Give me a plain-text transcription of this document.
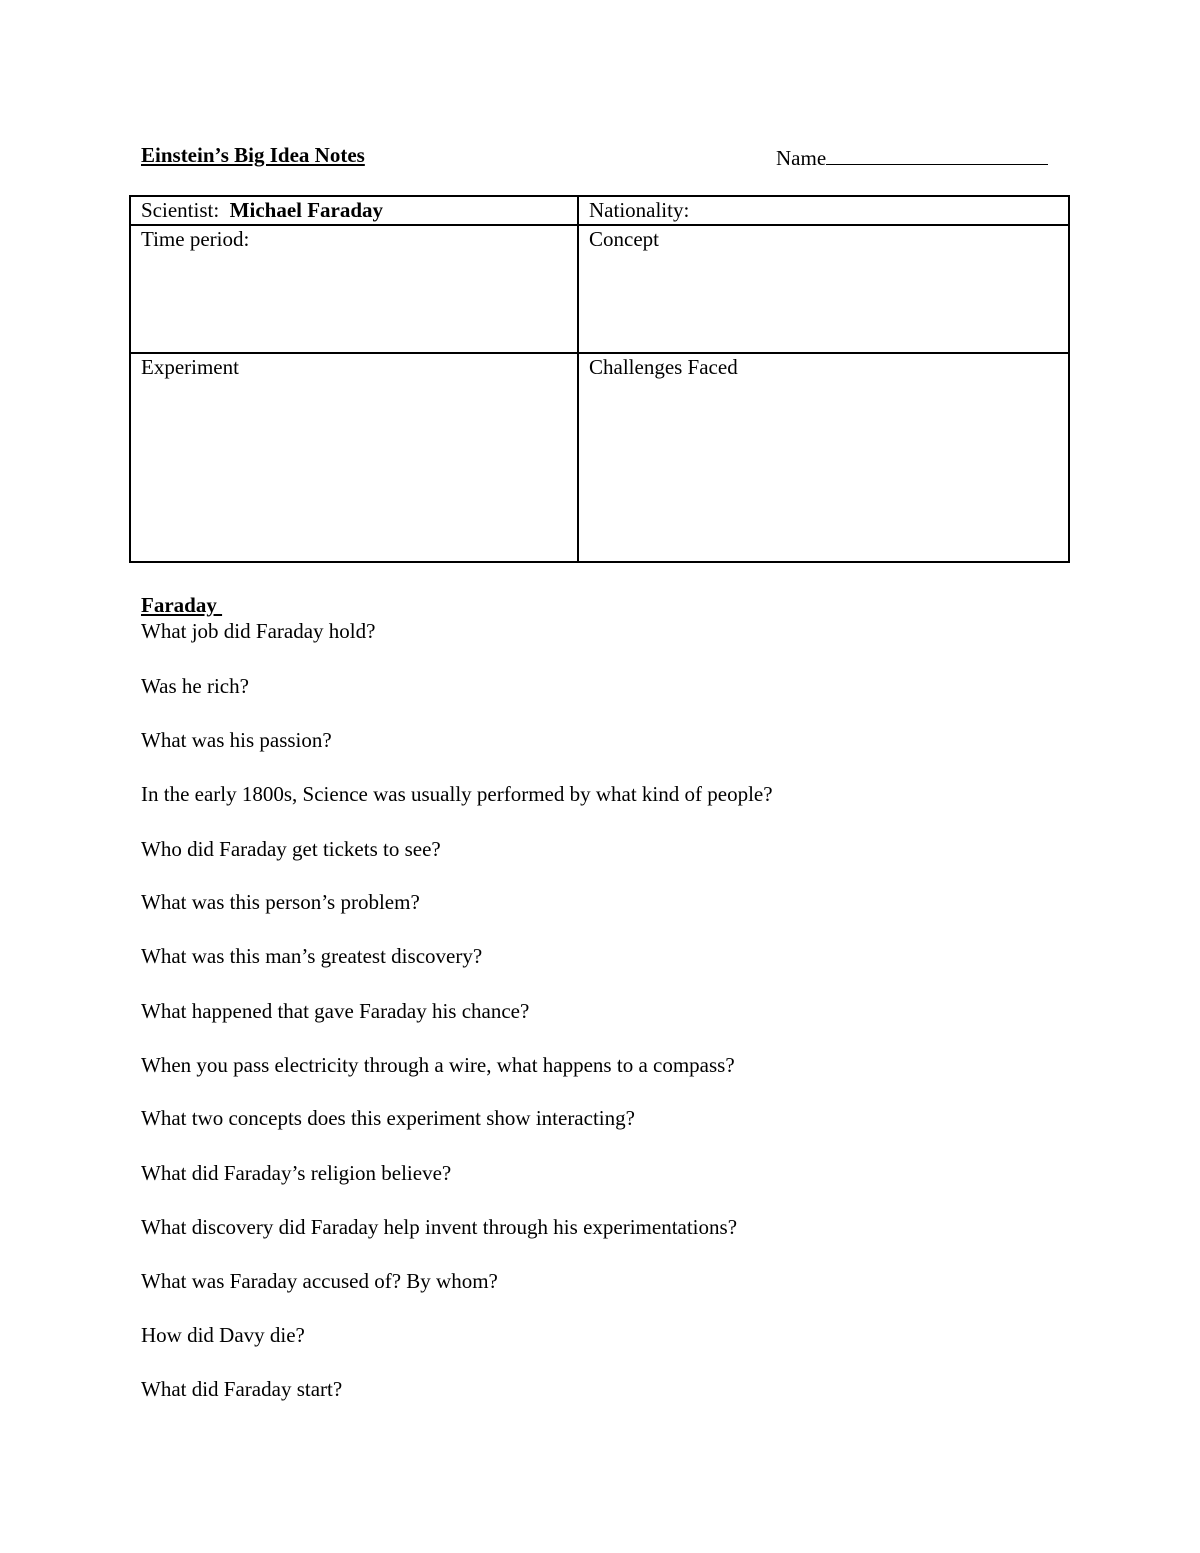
Einstein’s Big Idea Notes	Name
Scientist: Michael Faraday	Nationality:
Time period:	Concept
Experiment	Challenges Faced
Faraday
What job did Faraday hold?
Was he rich?
What was his passion?
In the early 1800s, Science was usually performed by what kind of people?
Who did Faraday get tickets to see?
What was this person’s problem?
What was this man’s greatest discovery?
What happened that gave Faraday his chance?
When you pass electricity through a wire, what happens to a compass?
What two concepts does this experiment show interacting?
What did Faraday’s religion believe?
What discovery did Faraday help invent through his experimentations?
What was Faraday accused of? By whom?
How did Davy die?
What did Faraday start?
